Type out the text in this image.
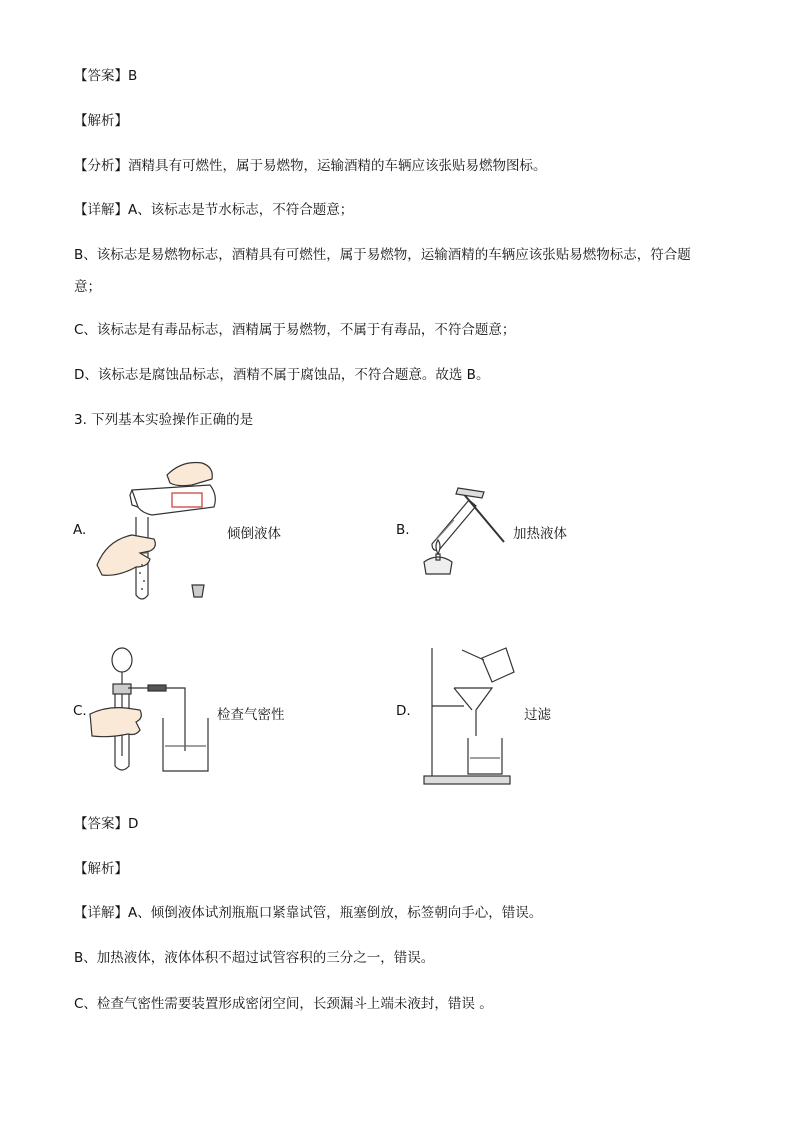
【答案】B
【解析】
【分析】酒精具有可燃性，属于易燃物，运输酒精的车辆应该张贴易燃物图标。
【详解】A、该标志是节水标志，不符合题意；
B、该标志是易燃物标志，酒精具有可燃性，属于易燃物，运输酒精的车辆应该张贴易燃物标志，符合题
意；
C、该标志是有毒品标志，酒精属于易燃物，不属于有毒品，不符合题意；
D、该标志是腐蚀品标志，酒精不属于腐蚀品，不符合题意。故选 B。
3. 下列基本实验操作正确的是
A.	倾倒液体	B.	加热液体
C.	检查气密性	D.	过滤
【答案】D
【解析】
【详解】A、倾倒液体试剂瓶瓶口紧靠试管，瓶塞倒放，标签朝向手心，错误。
B、加热液体，液体体积不超过试管容积的三分之一，错误。
C、检查气密性需要装置形成密闭空间，长颈漏斗上端未液封，错误 。
